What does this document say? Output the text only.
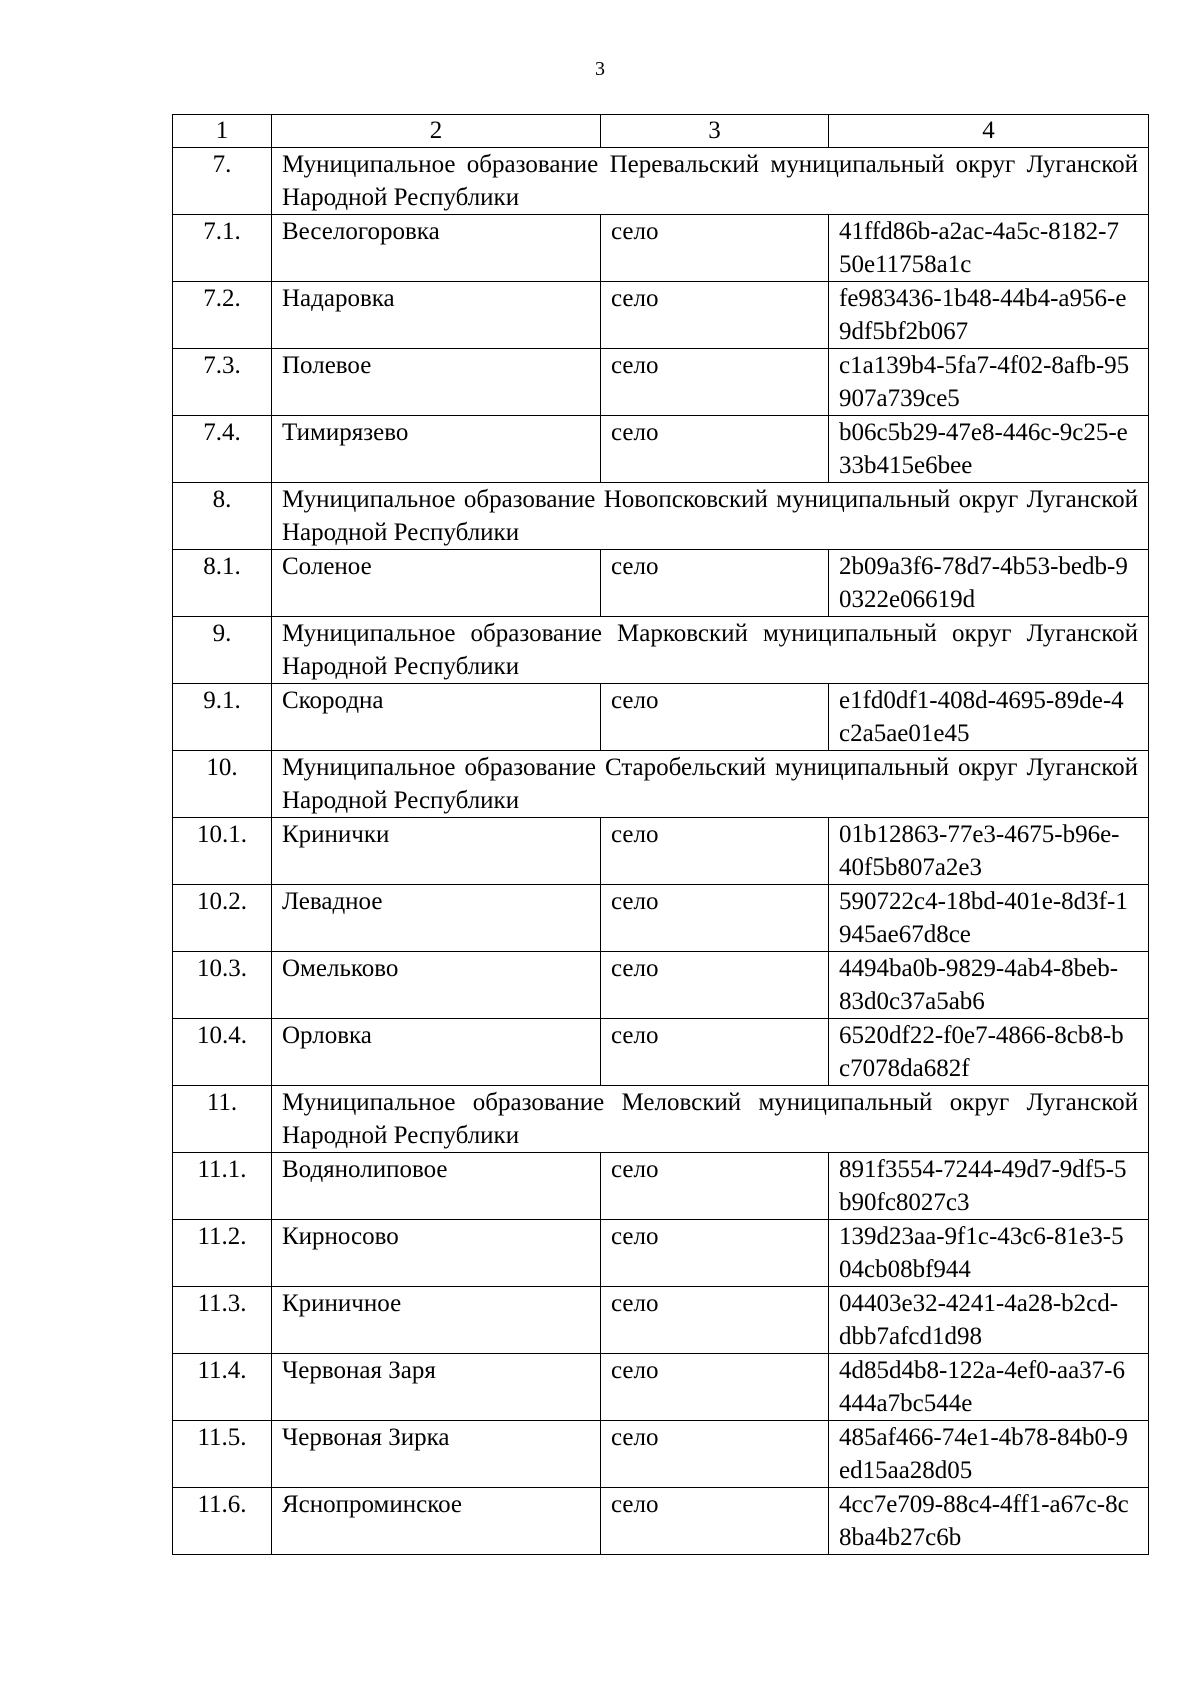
3
1	2	3	4
7.	Муниципальное образование Перевальский муниципальный округ Луганской Народной Республики		
7.1.	Веселогоровка	село	41ffd86b-a2ac-4a5c-8182-750e11758a1c
7.2.	Надаровка	село	fe983436-1b48-44b4-a956-e9df5bf2b067
7.3.	Полевое	село	c1a139b4-5fa7-4f02-8afb-95907a739ce5
7.4.	Тимирязево	село	b06c5b29-47e8-446c-9c25-e33b415e6bee
8.	Муниципальное образование Новопсковский муниципальный округ Луганской Народной Республики		
8.1.	Соленое	село	2b09a3f6-78d7-4b53-bedb-90322e06619d
9.	Муниципальное образование Марковский муниципальный округ Луганской Народной Республики		
9.1.	Скородна	село	e1fd0df1-408d-4695-89de-4c2a5ae01e45
10.	Муниципальное образование Старобельский муниципальный округ Луганской Народной Республики		
10.1.	Кринички	село	01b12863-77e3-4675-b96e-40f5b807a2e3
10.2.	Левадное	село	590722c4-18bd-401e-8d3f-1945ae67d8ce
10.3.	Омельково	село	4494ba0b-9829-4ab4-8beb-83d0c37a5ab6
10.4.	Орловка	село	6520df22-f0e7-4866-8cb8-bc7078da682f
11.	Муниципальное образование Меловский муниципальный округ Луганской Народной Республики		
11.1.	Водянолиповое	село	891f3554-7244-49d7-9df5-5b90fc8027c3
11.2.	Кирносово	село	139d23aa-9f1c-43c6-81e3-504cb08bf944
11.3.	Криничное	село	04403e32-4241-4a28-b2cd-dbb7afcd1d98
11.4.	Червоная Заря	село	4d85d4b8-122a-4ef0-aa37-6444a7bc544e
11.5.	Червоная Зирка	село	485af466-74e1-4b78-84b0-9ed15aa28d05
11.6.	Яснопроминское	село	4cc7e709-88c4-4ff1-a67c-8c8ba4b27c6b
